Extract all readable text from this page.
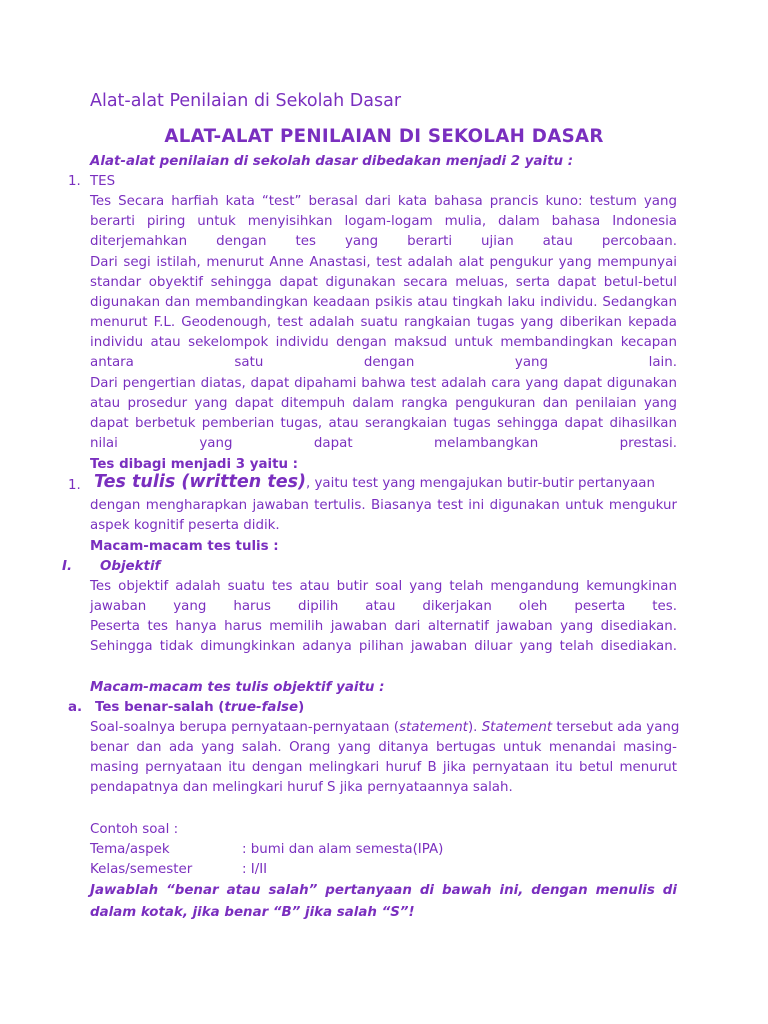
Alat-alat Penilaian di Sekolah Dasar
ALAT-ALAT PENILAIAN DI SEKOLAH DASAR
Alat-alat penilaian di sekolah dasar dibedakan menjadi 2 yaitu :
1. TES
Tes Secara harfiah kata “test” berasal dari kata bahasa prancis kuno: testum yang berarti piring untuk menyisihkan logam-logam mulia, dalam bahasa Indonesia diterjemahkan dengan tes yang berarti ujian atau percobaan.
Dari segi istilah, menurut Anne Anastasi, test adalah alat pengukur yang mempunyai standar obyektif sehingga dapat digunakan secara meluas, serta dapat betul-betul digunakan dan membandingkan keadaan psikis atau tingkah laku individu. Sedangkan menurut F.L. Geodenough, test adalah suatu rangkaian tugas yang diberikan kepada individu atau sekelompok individu dengan maksud untuk membandingkan kecapan antara satu dengan yang lain.
Dari pengertian diatas, dapat dipahami bahwa test adalah cara yang dapat digunakan atau prosedur yang dapat ditempuh dalam rangka pengukuran dan penilaian yang dapat berbetuk pemberian tugas, atau serangkaian tugas sehingga dapat dihasilkan nilai yang dapat melambangkan prestasi.
Tes dibagi menjadi 3 yaitu :
1. Tes tulis (written tes), yaitu test yang mengajukan butir-butir pertanyaan
dengan mengharapkan jawaban tertulis. Biasanya test ini digunakan untuk mengukur aspek kognitif peserta didik.
Macam-macam tes tulis :
I. Objektif
Tes objektif adalah suatu tes atau butir soal yang telah mengandung kemungkinan jawaban yang harus dipilih atau dikerjakan oleh peserta tes.
Peserta tes hanya harus memilih jawaban dari alternatif jawaban yang disediakan. Sehingga tidak dimungkinkan adanya pilihan jawaban diluar yang telah disediakan.
Macam-macam tes tulis objektif yaitu :
a. Tes benar-salah (true-false)
Soal-soalnya berupa pernyataan-pernyataan (statement). Statement tersebut ada yang
benar dan ada yang salah. Orang yang ditanya bertugas untuk menandai masing-masing pernyataan itu dengan melingkari huruf B jika pernyataan itu betul menurut pendapatnya dan melingkari huruf S jika pernyataannya salah.
Contoh soal :
Tema/aspek	: bumi dan alam semesta(IPA)
Kelas/semester	: I/II
Jawablah “benar atau salah” pertanyaan di bawah ini, dengan menulis di dalam kotak, jika benar “B” jika salah “S”!
